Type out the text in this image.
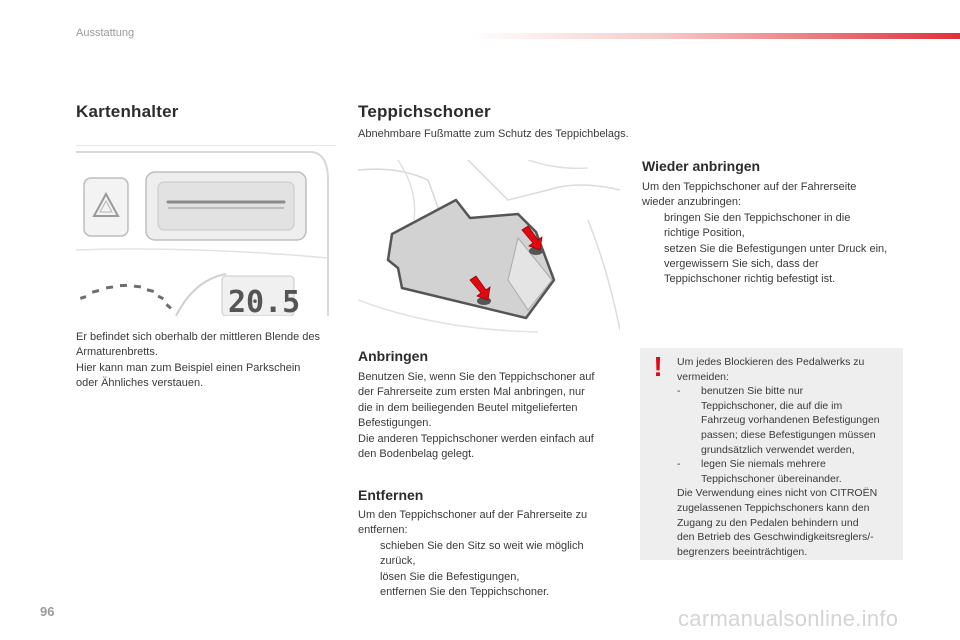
Ausstattung
Kartenhalter
20.5

Er befindet sich oberhalb der mittleren Blende des

Armaturenbretts.

Hier kann man zum Beispiel einen Parkschein

oder Ähnliches verstauen.

Teppichschoner
Abnehmbare Fußmatte zum Schutz des Teppichbelags.
Anbringen

Benutzen Sie, wenn Sie den Teppichschoner auf

der Fahrerseite zum ersten Mal anbringen, nur

die in dem beiliegenden Beutel mitgelieferten

Befestigungen.

Die anderen Teppichschoner werden einfach auf

den Bodenbelag gelegt.

Entfernen

Um den Teppichschoner auf der Fahrerseite zu

entfernen:

schieben Sie den Sitz so weit wie möglich

zurück,

lösen Sie die Befestigungen,

entfernen Sie den Teppichschoner.

Wieder anbringen

Um den Teppichschoner auf der Fahrerseite

wieder anzubringen:

bringen Sie den Teppichschoner in die

richtige Position,

setzen Sie die Befestigungen unter Druck ein,

vergewissern Sie sich, dass der

Teppichschoner richtig befestigt ist.

!	Um jedes Blockieren des Pedalwerks zu

vermeiden:

- benutzen Sie bitte nur

Teppichschoner, die auf die im

Fahrzeug vorhandenen Befestigungen

passen; diese Befestigungen müssen

grundsätzlich verwendet werden,

- legen Sie niemals mehrere

Teppichschoner übereinander.

Die Verwendung eines nicht von CITROËN

zugelassenen Teppichschoners kann den

Zugang zu den Pedalen behindern und

den Betrieb des Geschwindigkeitsreglers/-

begrenzers beeinträchtigen.

96	carmanualsonline.info
